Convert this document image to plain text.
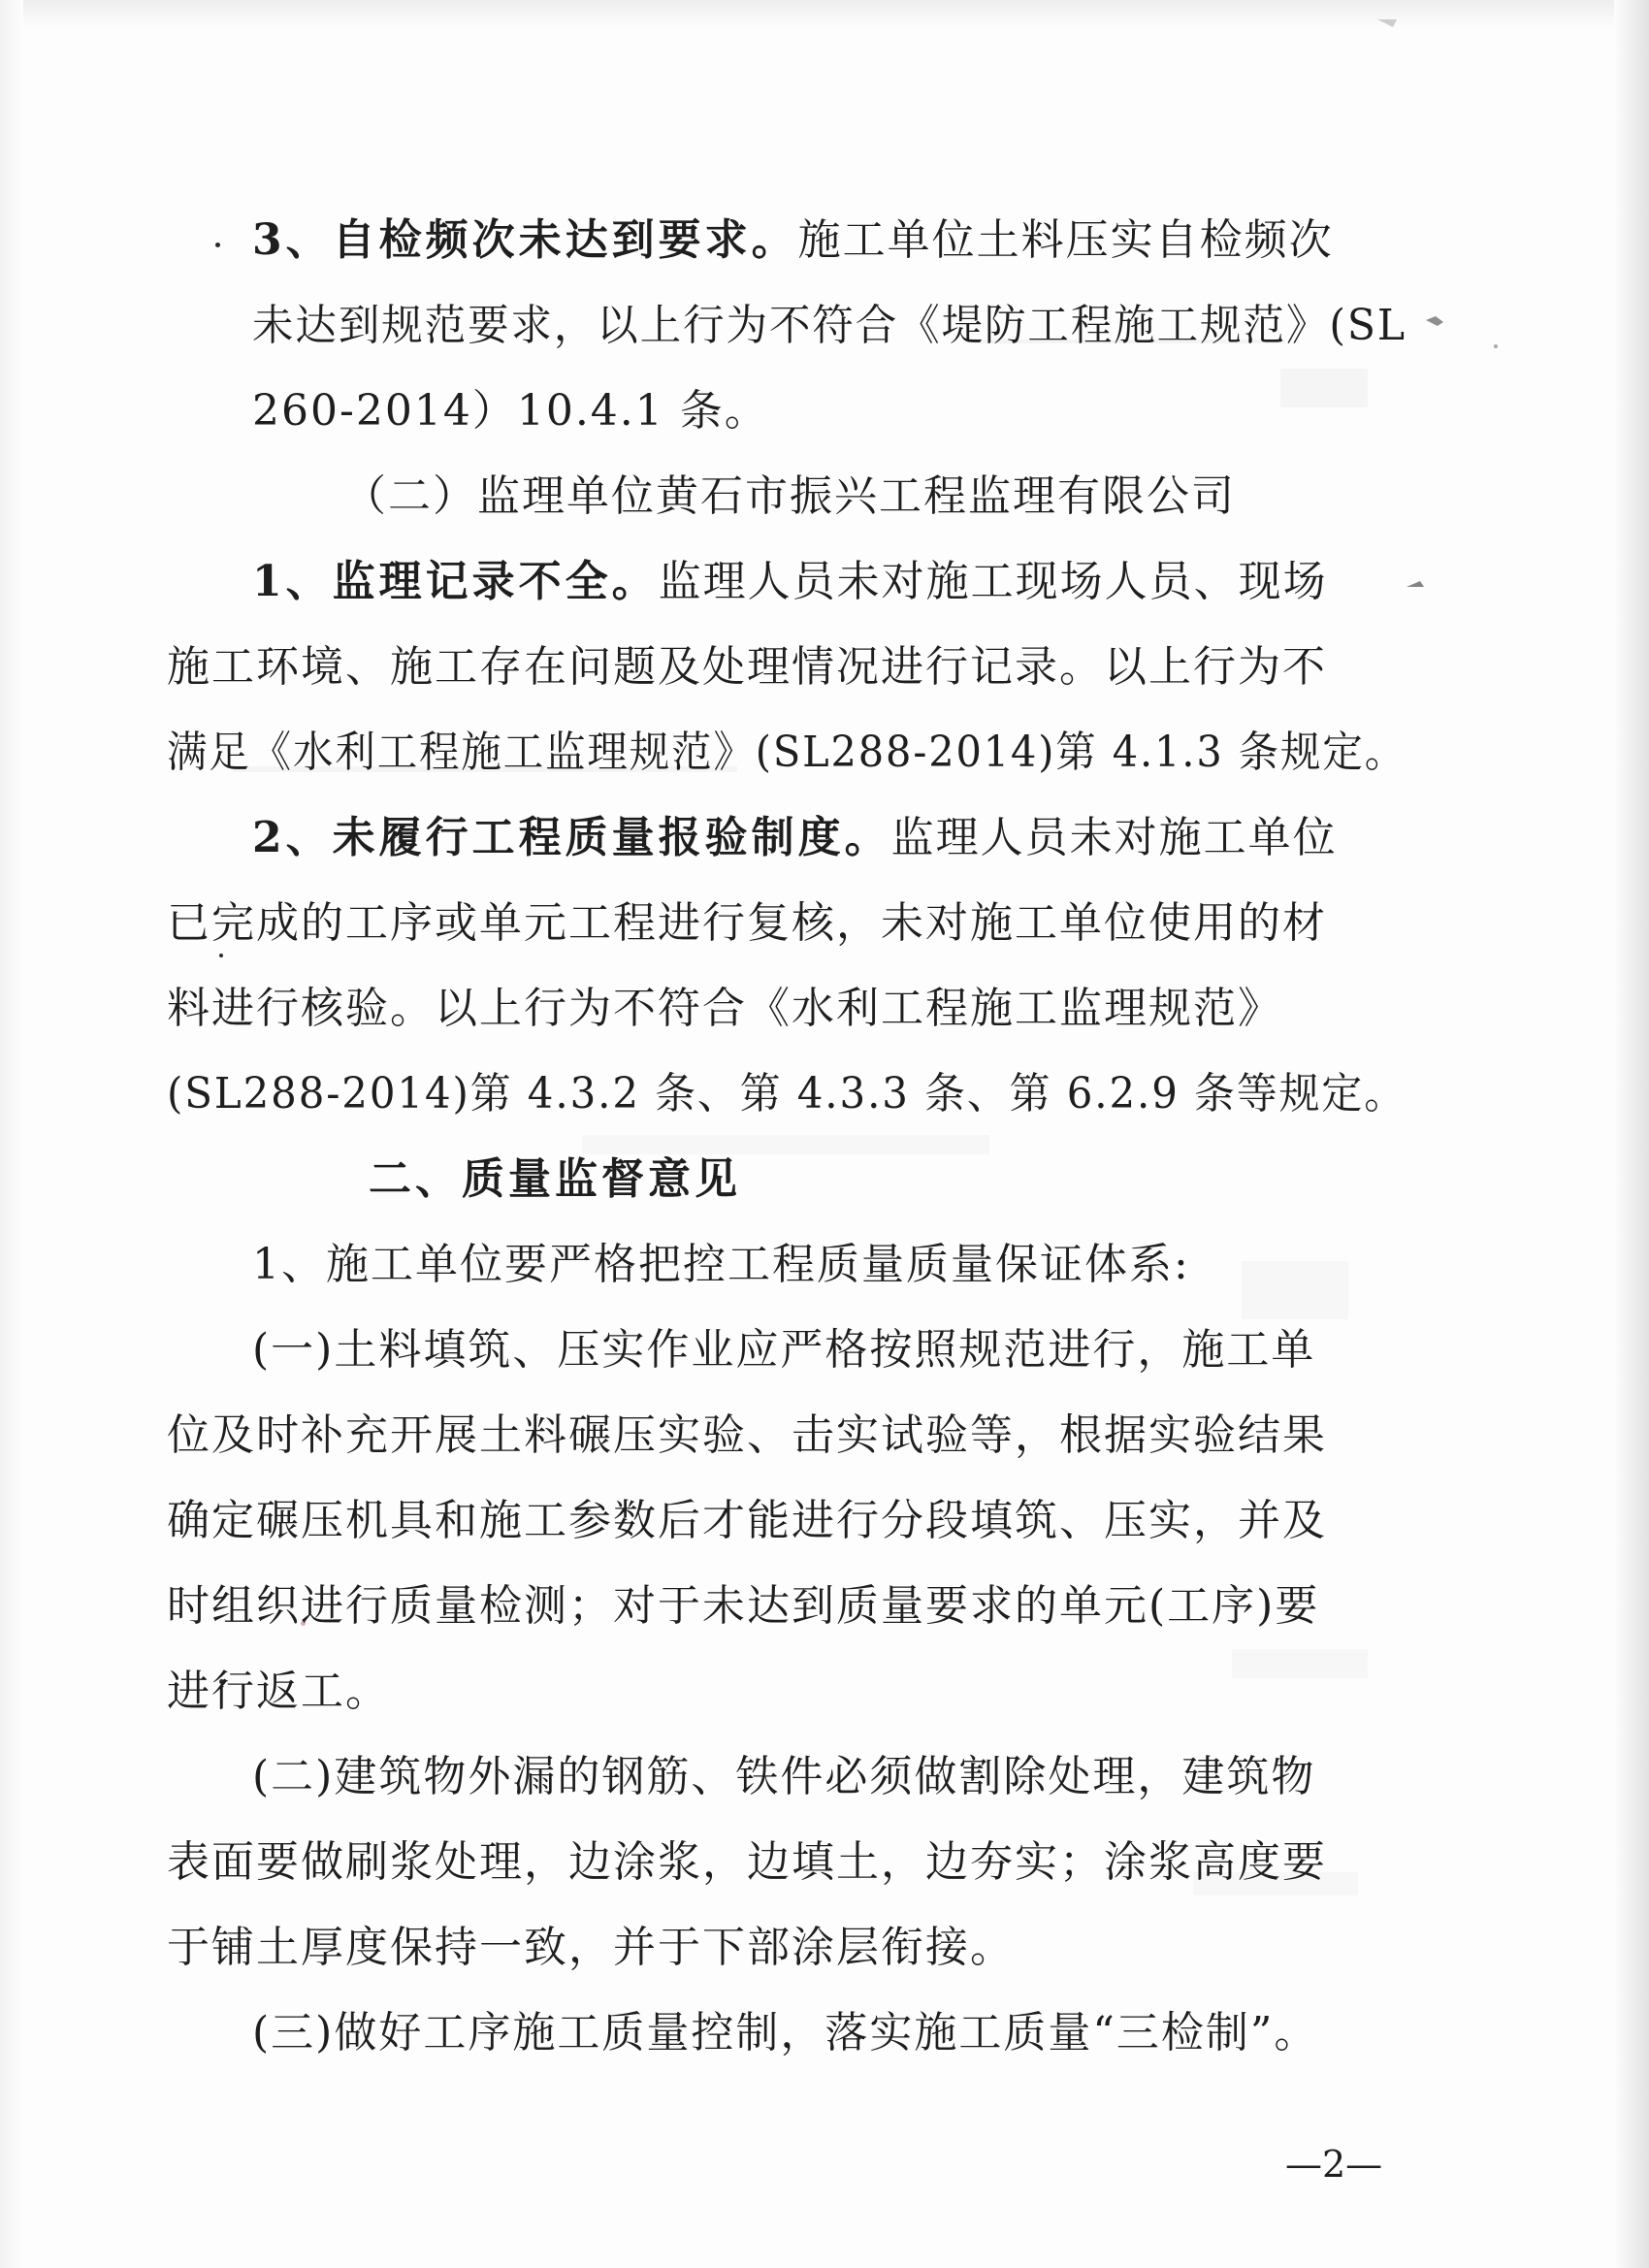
3、自检频次未达到要求。施工单位土料压实自检频次
未达到规范要求，以上行为不符合《堤防工程施工规范》(SL
260-2014）10.4.1 条。
（二）监理单位黄石市振兴工程监理有限公司
1、监理记录不全。监理人员未对施工现场人员、现场
施工环境、施工存在问题及处理情况进行记录。以上行为不
满足《水利工程施工监理规范》(SL288-2014)第 4.1.3 条规定。
2、未履行工程质量报验制度。监理人员未对施工单位
已完成的工序或单元工程进行复核，未对施工单位使用的材
料进行核验。以上行为不符合《水利工程施工监理规范》
(SL288-2014)第 4.3.2 条、第 4.3.3 条、第 6.2.9 条等规定。
二、质量监督意见
1、施工单位要严格把控工程质量质量保证体系:
(一)土料填筑、压实作业应严格按照规范进行，施工单
位及时补充开展土料碾压实验、击实试验等，根据实验结果
确定碾压机具和施工参数后才能进行分段填筑、压实，并及
时组织进行质量检测；对于未达到质量要求的单元(工序)要
进行返工。
(二)建筑物外漏的钢筋、铁件必须做割除处理，建筑物
表面要做刷浆处理，边涂浆，边填土，边夯实；涂浆高度要
于铺土厚度保持一致，并于下部涂层衔接。
(三)做好工序施工质量控制，落实施工质量“三检制”。
—2—
